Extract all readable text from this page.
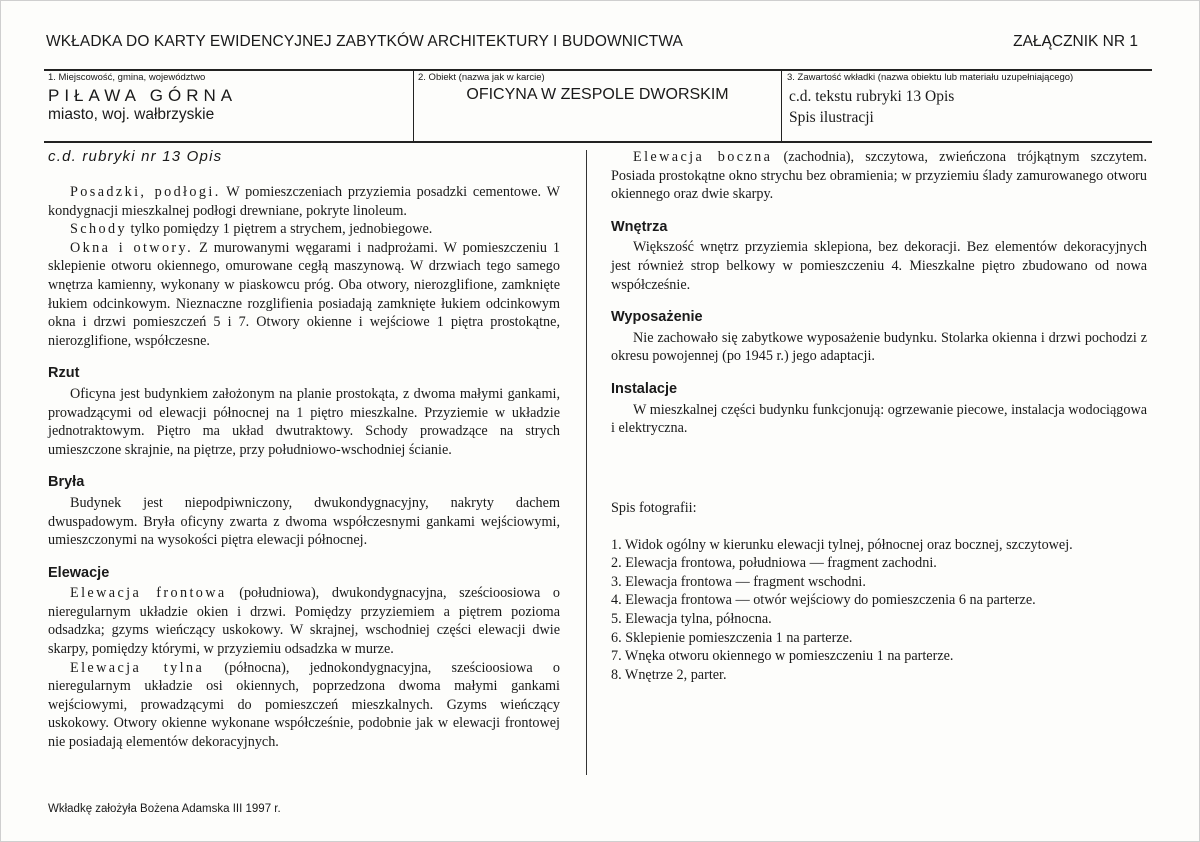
WKŁADKA DO KARTY EWIDENCYJNEJ ZABYTKÓW ARCHITEKTURY I BUDOWNICTWA	ZAŁĄCZNIK NR 1
1. Miejscowość, gmina, województwo
PIŁAWA GÓRNA
miasto, woj. wałbrzyskie
2. Obiekt (nazwa jak w karcie)
OFICYNA W ZESPOLE DWORSKIM
3. Zawartość wkładki (nazwa obiektu lub materiału uzupełniającego)
c.d. tekstu rubryki 13 Opis
Spis ilustracji
c.d. rubryki nr 13 Opis

Posadzki, podłogi. W pomieszczeniach przyziemia posadzki cementowe. W kondygnacji mieszkalnej podłogi drewniane, pokryte linoleum.

Schody tylko pomiędzy 1 piętrem a strychem, jednobiegowe.

Okna i otwory. Z murowanymi węgarami i nadprożami. W pomieszczeniu 1 sklepienie otworu okiennego, omurowane cegłą maszynową. W drzwiach tego samego wnętrza kamienny, wykonany w piaskowcu próg. Oba otwory, nierozglifione, zamknięte łukiem odcinkowym. Nieznaczne rozglifienia posiadają zamknięte łukiem odcinkowym okna i drzwi pomieszczeń 5 i 7. Otwory okienne i wejściowe 1 piętra prostokątne, nierozglifione, współczesne.

Rzut

Oficyna jest budynkiem założonym na planie prostokąta, z dwoma małymi gankami, prowadzącymi od elewacji północnej na 1 piętro mieszkalne. Przyziemie w układzie jednotraktowym. Piętro ma układ dwutraktowy. Schody prowadzące na strych umieszczone skrajnie, na piętrze, przy południowo-wschodniej ścianie.

Bryła

Budynek jest niepodpiwniczony, dwukondygnacyjny, nakryty dachem dwuspadowym. Bryła oficyny zwarta z dwoma współczesnymi gankami wejściowymi, umieszczonymi na wysokości piętra elewacji północnej.

Elewacje

Elewacja frontowa (południowa), dwukondygnacyjna, sześcioosiowa o nieregularnym układzie okien i drzwi. Pomiędzy przyziemiem a piętrem pozioma odsadzka; gzyms wieńczący uskokowy. W skrajnej, wschodniej części elewacji dwie skarpy, pomiędzy którymi, w przyziemiu odsadzka w murze.

Elewacja tylna (północna), jednokondygnacyjna, sześcioosiowa o nieregularnym układzie osi okiennych, poprzedzona dwoma małymi gankami wejściowymi, prowadzącymi do pomieszczeń mieszkalnych. Gzyms wieńczący uskokowy. Otwory okienne wykonane współcześnie, podobnie jak w elewacji frontowej nie posiadają elementów dekoracyjnych.

Elewacja boczna (zachodnia), szczytowa, zwieńczona trójkątnym szczytem. Posiada prostokątne okno strychu bez obramienia; w przyziemiu ślady zamurowanego otworu okiennego oraz dwie skarpy.

Wnętrza

Większość wnętrz przyziemia sklepiona, bez dekoracji. Bez elementów dekoracyjnych jest również strop belkowy w pomieszczeniu 4. Mieszkalne piętro zbudowano od nowa współcześnie.

Wyposażenie

Nie zachowało się zabytkowe wyposażenie budynku. Stolarka okienna i drzwi pochodzi z okresu powojennej (po 1945 r.) jego adaptacji.

Instalacje

W mieszkalnej części budynku funkcjonują: ogrzewanie piecowe, instalacja wodociągowa i elektryczna.

Spis fotografii:
1. Widok ogólny w kierunku elewacji tylnej, północnej oraz bocznej, szczytowej.
2. Elewacja frontowa, południowa — fragment zachodni.
3. Elewacja frontowa — fragment wschodni.
4. Elewacja frontowa — otwór wejściowy do pomieszczenia 6 na parterze.
5. Elewacja tylna, północna.
6. Sklepienie pomieszczenia 1 na parterze.
7. Wnęka otworu okiennego w pomieszczeniu 1 na parterze.
8. Wnętrze 2, parter.
Wkładkę założyła Bożena Adamska III 1997 r.
